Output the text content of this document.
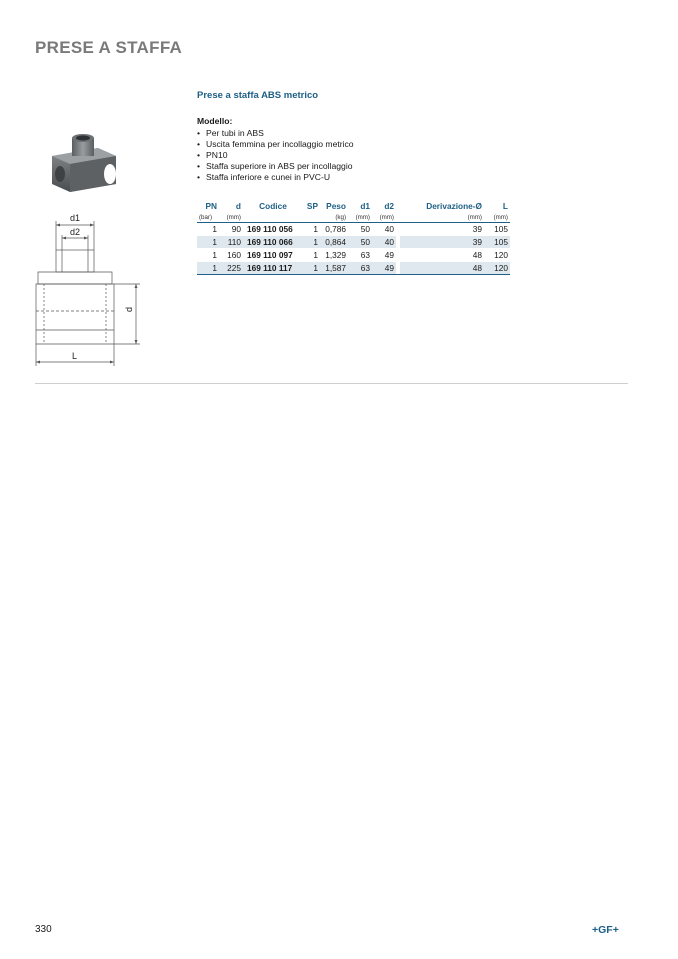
PRESE A STAFFA
d1
d2
d
L
Prese a staffa ABS metrico
Modello:
• Per tubi in ABS
• Uscita femmina per incollaggio metrico
• PN10
• Staffa superiore in ABS per incollaggio
• Staffa inferiore e cunei in PVC-U
PN	d	Codice	SP	Peso	d1	d2		Derivazione-Ø	L
(bar)	(mm)			(kg)	(mm)	(mm)		(mm)	(mm)
1	90	169 110 056	1	0,786	50	40		39	105
1	110	169 110 066	1	0,864	50	40		39	105
1	160	169 110 097	1	1,329	63	49		48	120
1	225	169 110 117	1	1,587	63	49		48	120
330	+GF+
